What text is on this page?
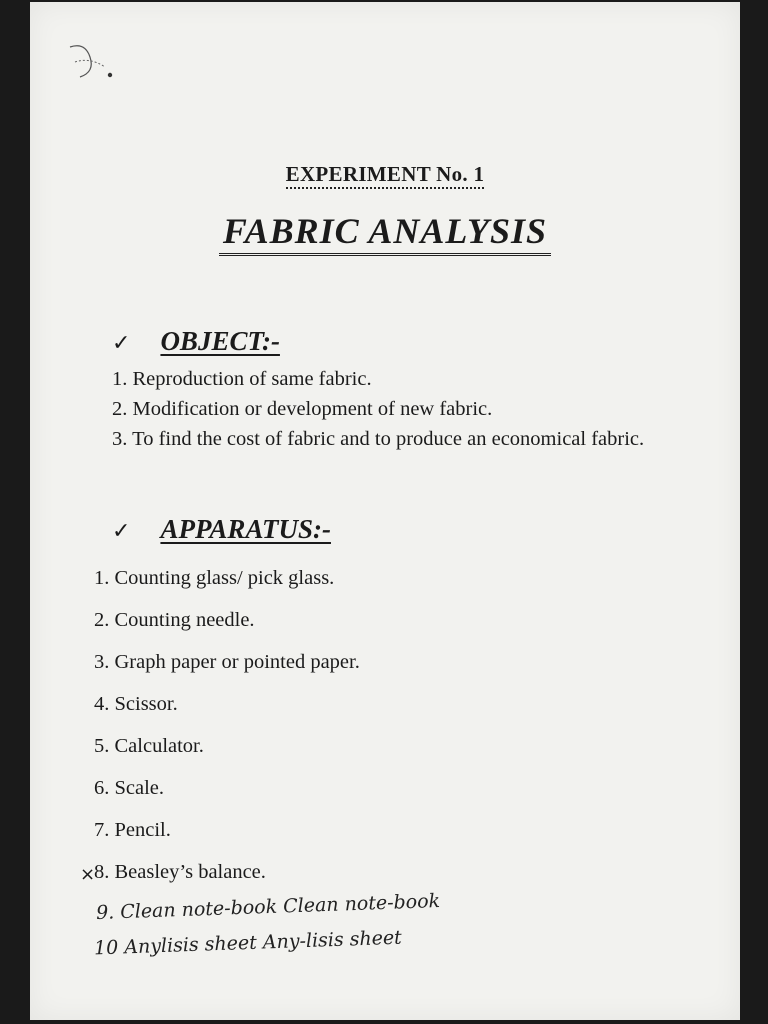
EXPERIMENT No. 1
FABRIC ANALYSIS
✓ OBJECT:-
1. Reproduction of same fabric.
2. Modification or development of new fabric.
3. To find the cost of fabric and to produce an economical fabric.
✓ APPARATUS:-
1. Counting glass/ pick glass.
2. Counting needle.
3. Graph paper or pointed paper.
4. Scissor.
5. Calculator.
6. Scale.
7. Pencil.
8. Beasley’s balance.
×
9. Clean note-book Clean note-book
10 Anylisis sheet Any-lisis sheet
